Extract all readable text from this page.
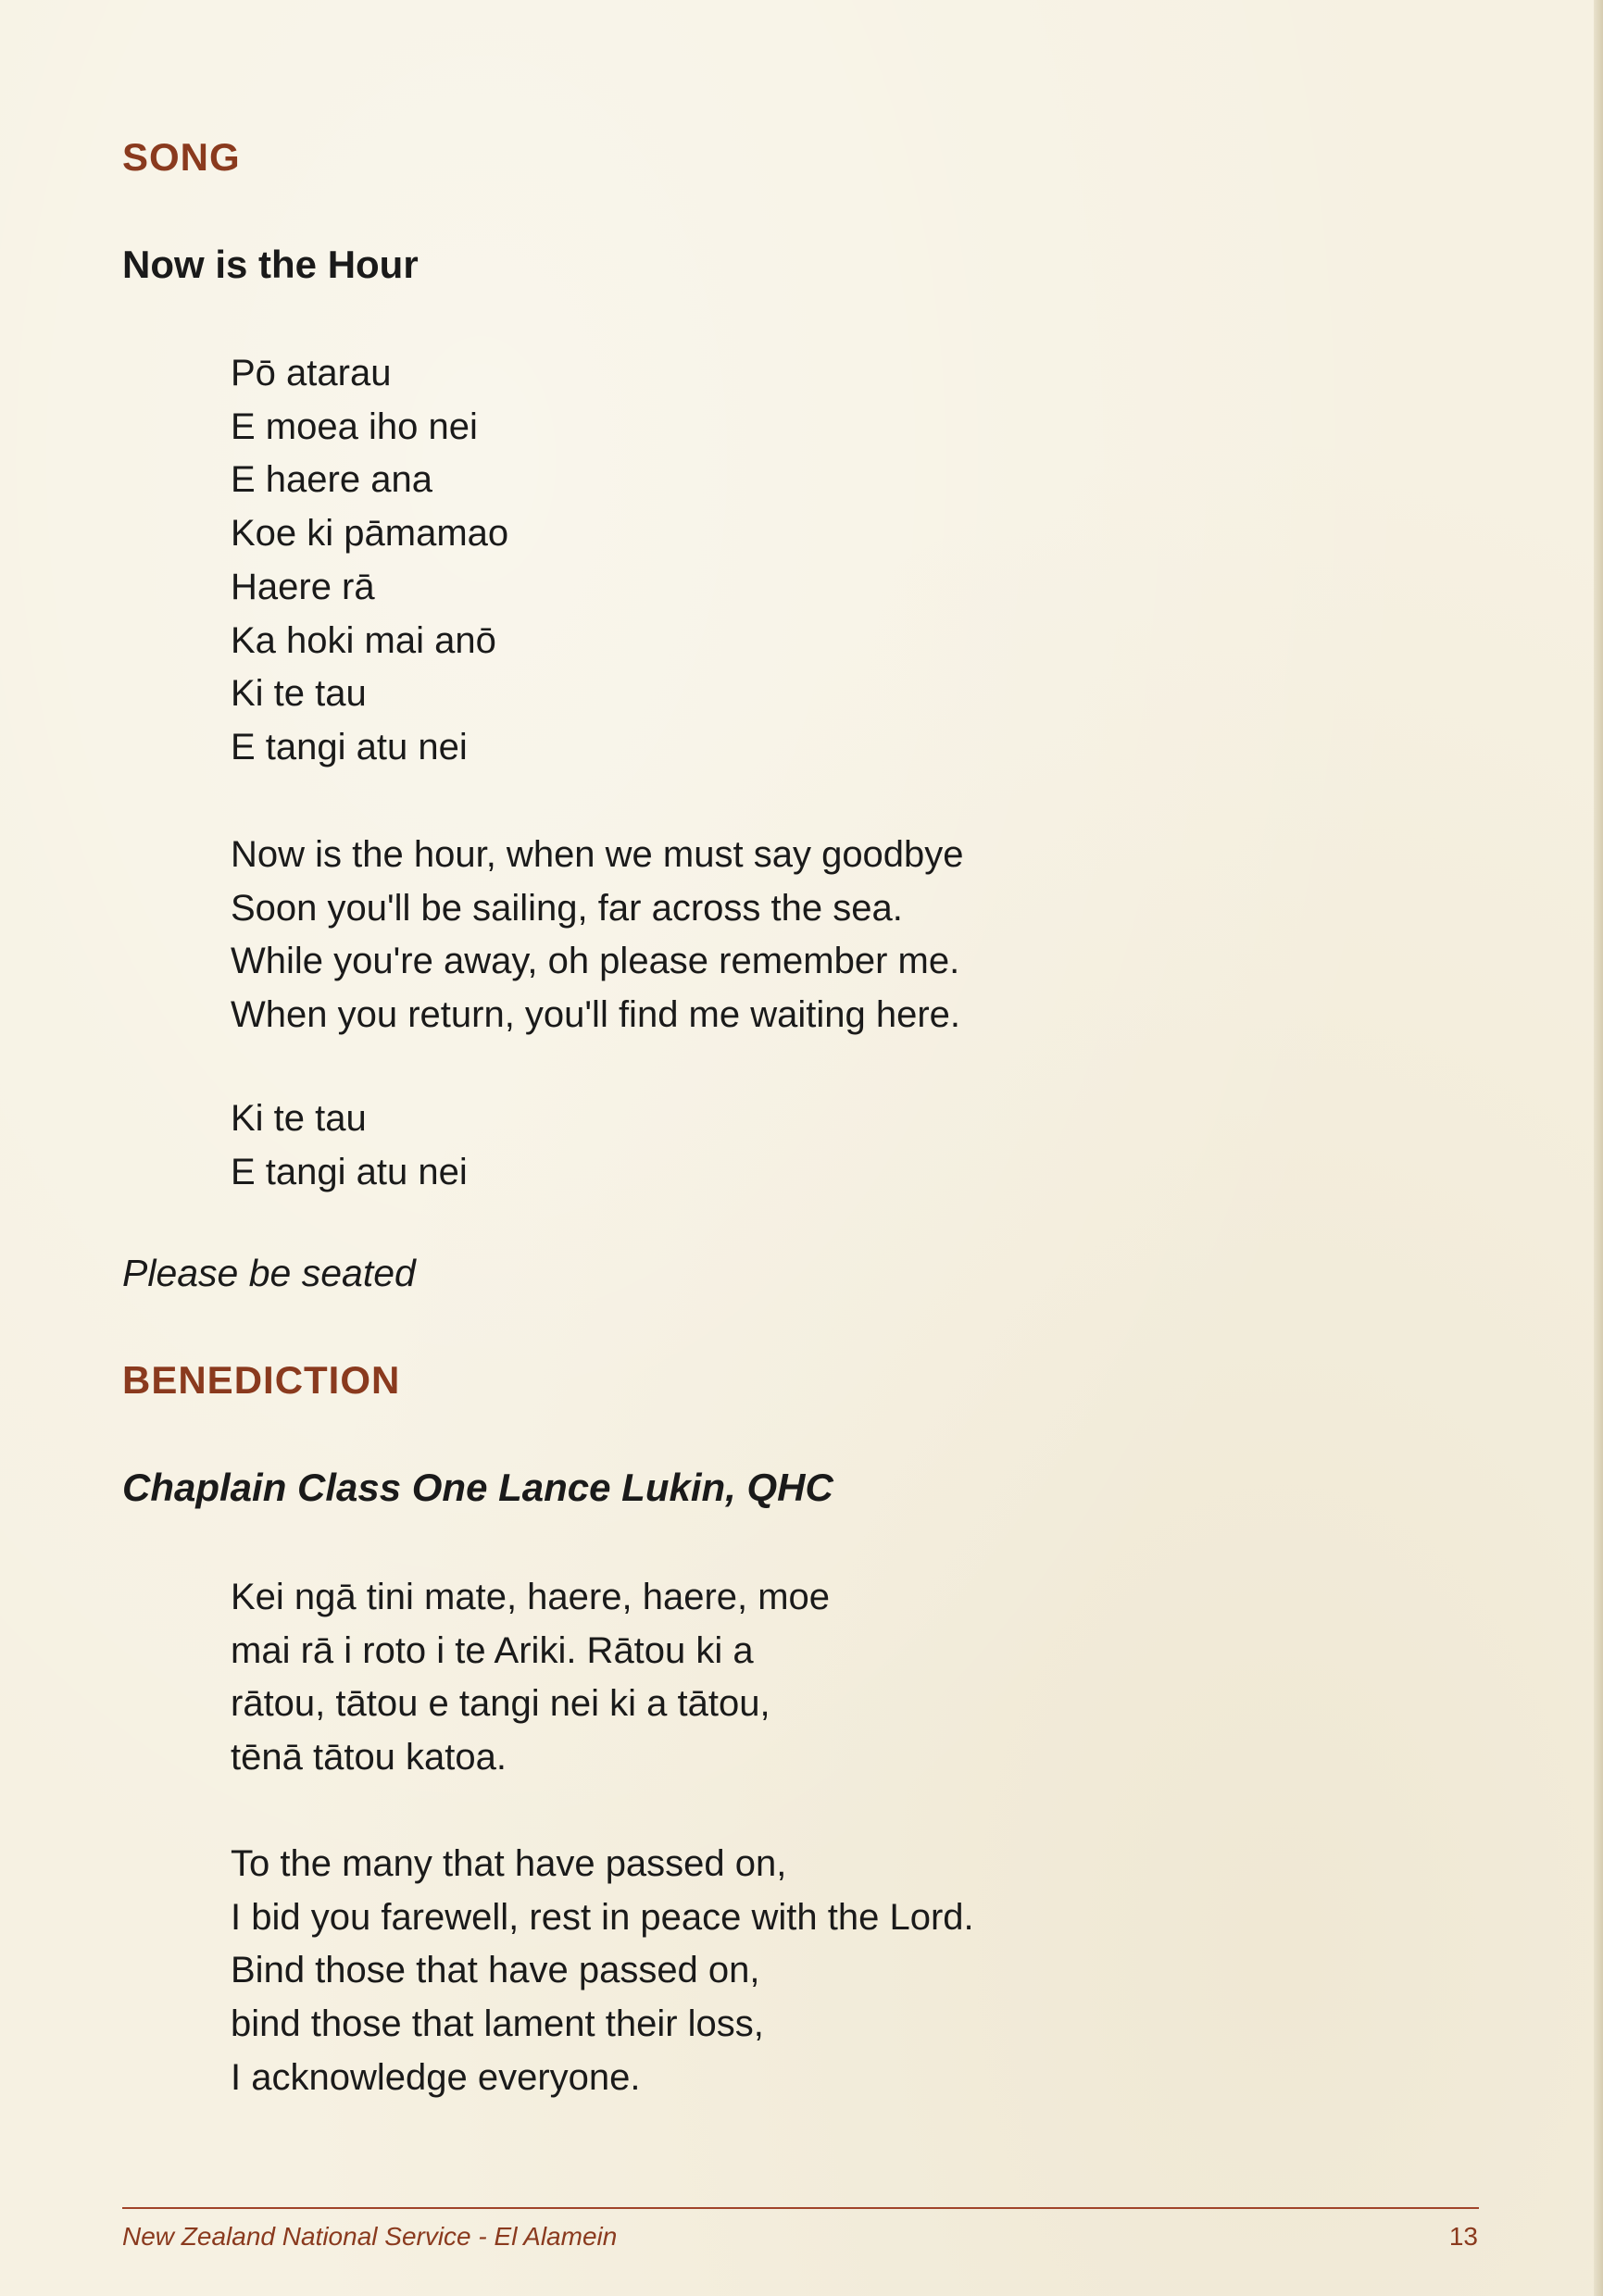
SONG
Now is the Hour
Pō atarau
E moea iho nei
E haere ana
Koe ki pāmamao
Haere rā
Ka hoki mai anō
Ki te tau
E tangi atu nei
Now is the hour, when we must say goodbye
Soon you'll be sailing, far across the sea.
While you're away, oh please remember me.
When you return, you'll find me waiting here.
Ki te tau
E tangi atu nei

Please be seated

BENEDICTION
Chaplain Class One Lance Lukin, QHC
Kei ngā tini mate, haere, haere, moe
mai rā i roto i te Ariki. Rātou ki a
rātou, tātou e tangi nei ki a tātou,
tēnā tātou katoa.
To the many that have passed on,
I bid you farewell, rest in peace with the Lord.
Bind those that have passed on,
bind those that lament their loss,
I acknowledge everyone.

New Zealand National Service - El Alamein	13
